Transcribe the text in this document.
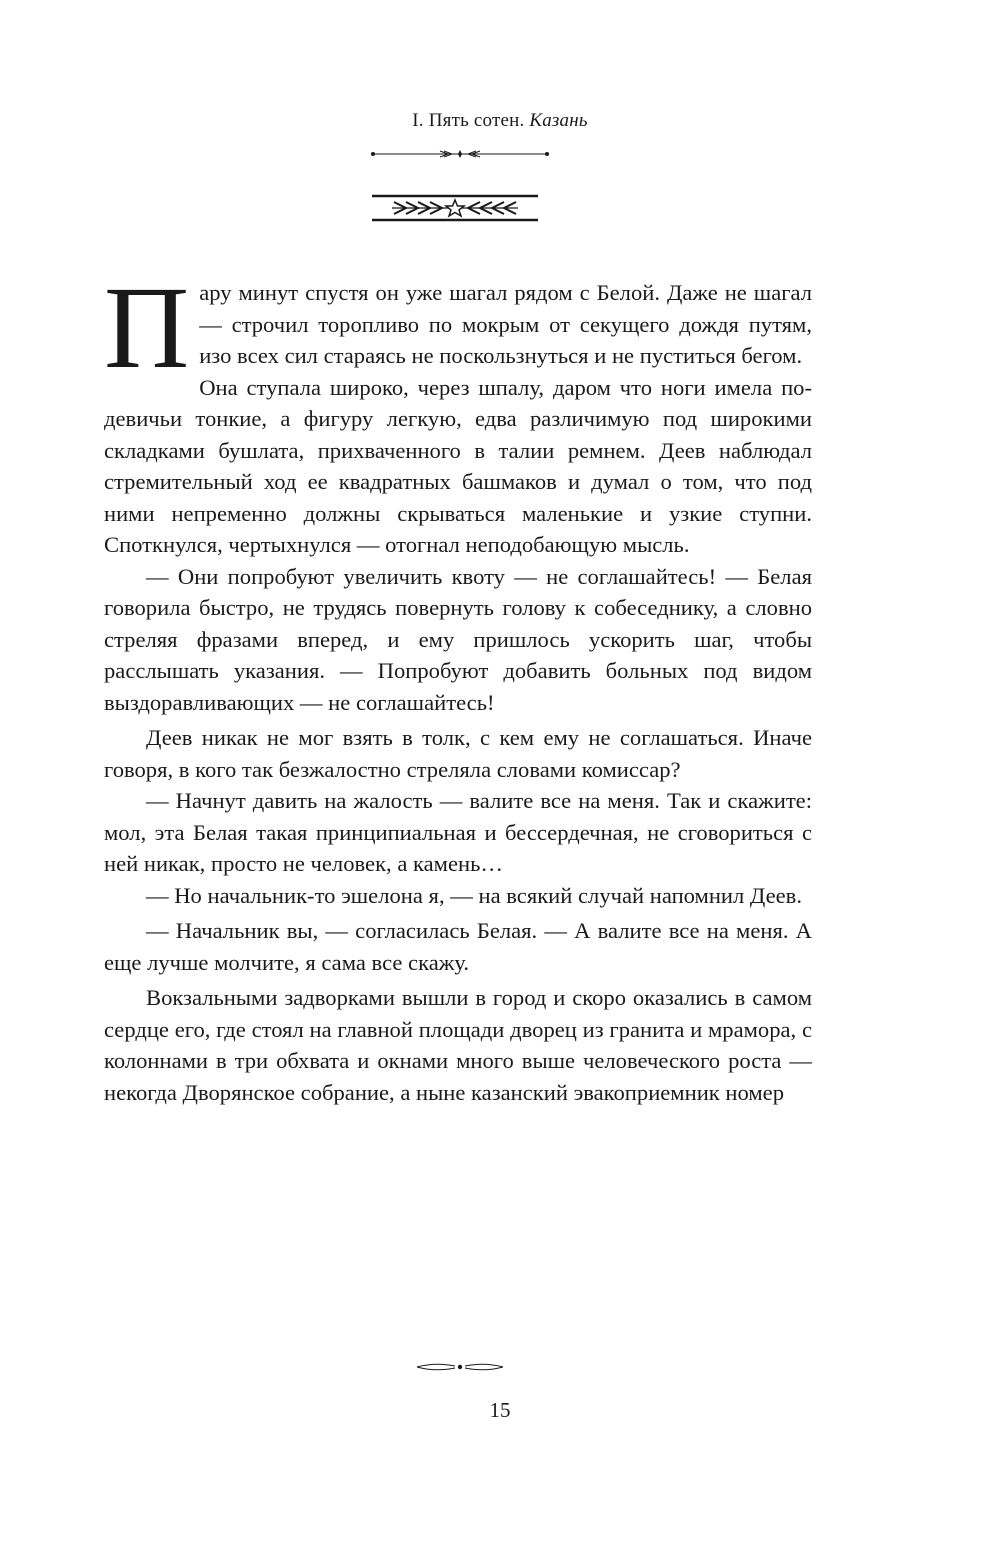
I. Пять сотен. Казань

Пару минут спустя он уже шагал рядом с Белой. Даже не шагал — строчил торопливо по мокрым от секущего дождя путям, изо всех сил стараясь не поскользнуться и не пуститься бегом.

Она ступала широко, через шпалу, даром что ноги имела по-девичьи тонкие, а фигуру легкую, едва различимую под широкими складками бушлата, прихваченного в талии ремнем. Деев наблюдал стремительный ход ее квадратных башмаков и думал о том, что под ними непременно должны скрываться маленькие и узкие ступни. Споткнулся, чертыхнулся — отогнал неподобающую мысль.

— Они попробуют увеличить квоту — не соглашайтесь! — Белая говорила быстро, не трудясь повернуть голову к собеседнику, а словно стреляя фразами вперед, и ему пришлось ускорить шаг, чтобы расслышать указания. — Попробуют добавить больных под видом выздоравливающих — не соглашайтесь!

Деев никак не мог взять в толк, с кем ему не соглашаться. Иначе говоря, в кого так безжалостно стреляла словами комиссар?

— Начнут давить на жалость — валите все на меня. Так и скажите: мол, эта Белая такая принципиальная и бессердечная, не сговориться с ней никак, просто не человек, а камень…

— Но начальник-то эшелона я, — на всякий случай напомнил Деев.

— Начальник вы, — согласилась Белая. — А валите все на меня. А еще лучше молчите, я сама все скажу.

Вокзальными задворками вышли в город и скоро оказались в самом сердце его, где стоял на главной площади дворец из гранита и мрамора, с колоннами в три обхвата и окнами много выше человеческого роста — некогда Дворянское собрание, а ныне казанский эвакоприемник номер

15
